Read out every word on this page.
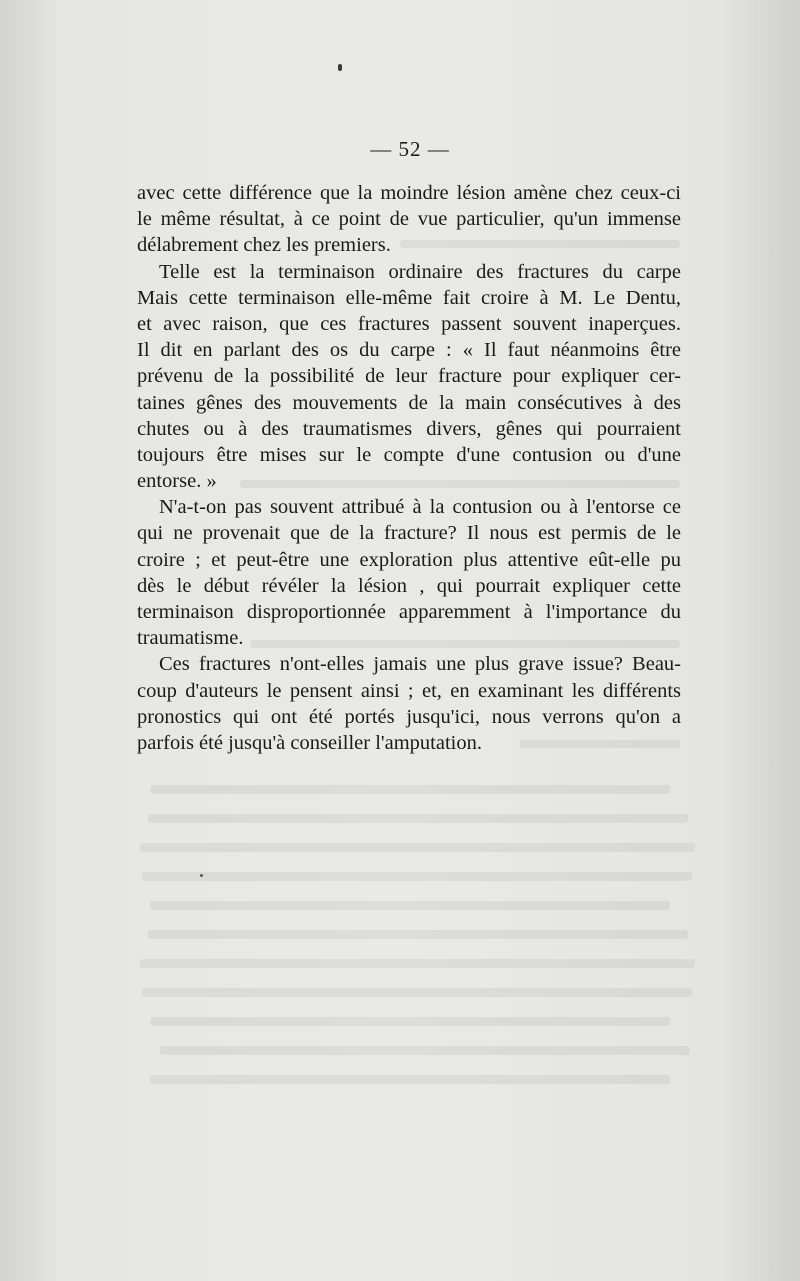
— 52 —
avec cette différence que la moindre lésion amène chez ceux-ci
le même résultat, à ce point de vue particulier, qu'un immense
délabrement chez les premiers.
Telle est la terminaison ordinaire des fractures du carpe
Mais cette terminaison elle-même fait croire à M. Le Dentu,
et avec raison, que ces fractures passent souvent inaperçues.
Il dit en parlant des os du carpe : « Il faut néanmoins être
prévenu de la possibilité de leur fracture pour expliquer cer-
taines gênes des mouvements de la main consécutives à des
chutes ou à des traumatismes divers, gênes qui pourraient
toujours être mises sur le compte d'une contusion ou d'une
entorse. »
N'a-t-on pas souvent attribué à la contusion ou à l'entorse ce
qui ne provenait que de la fracture? Il nous est permis de le
croire ; et peut-être une exploration plus attentive eût-elle pu
dès le début révéler la lésion , qui pourrait expliquer cette
terminaison disproportionnée apparemment à l'importance du
traumatisme.
Ces fractures n'ont-elles jamais une plus grave issue? Beau-
coup d'auteurs le pensent ainsi ; et, en examinant les différents
pronostics qui ont été portés jusqu'ici, nous verrons qu'on a
parfois été jusqu'à conseiller l'amputation.
